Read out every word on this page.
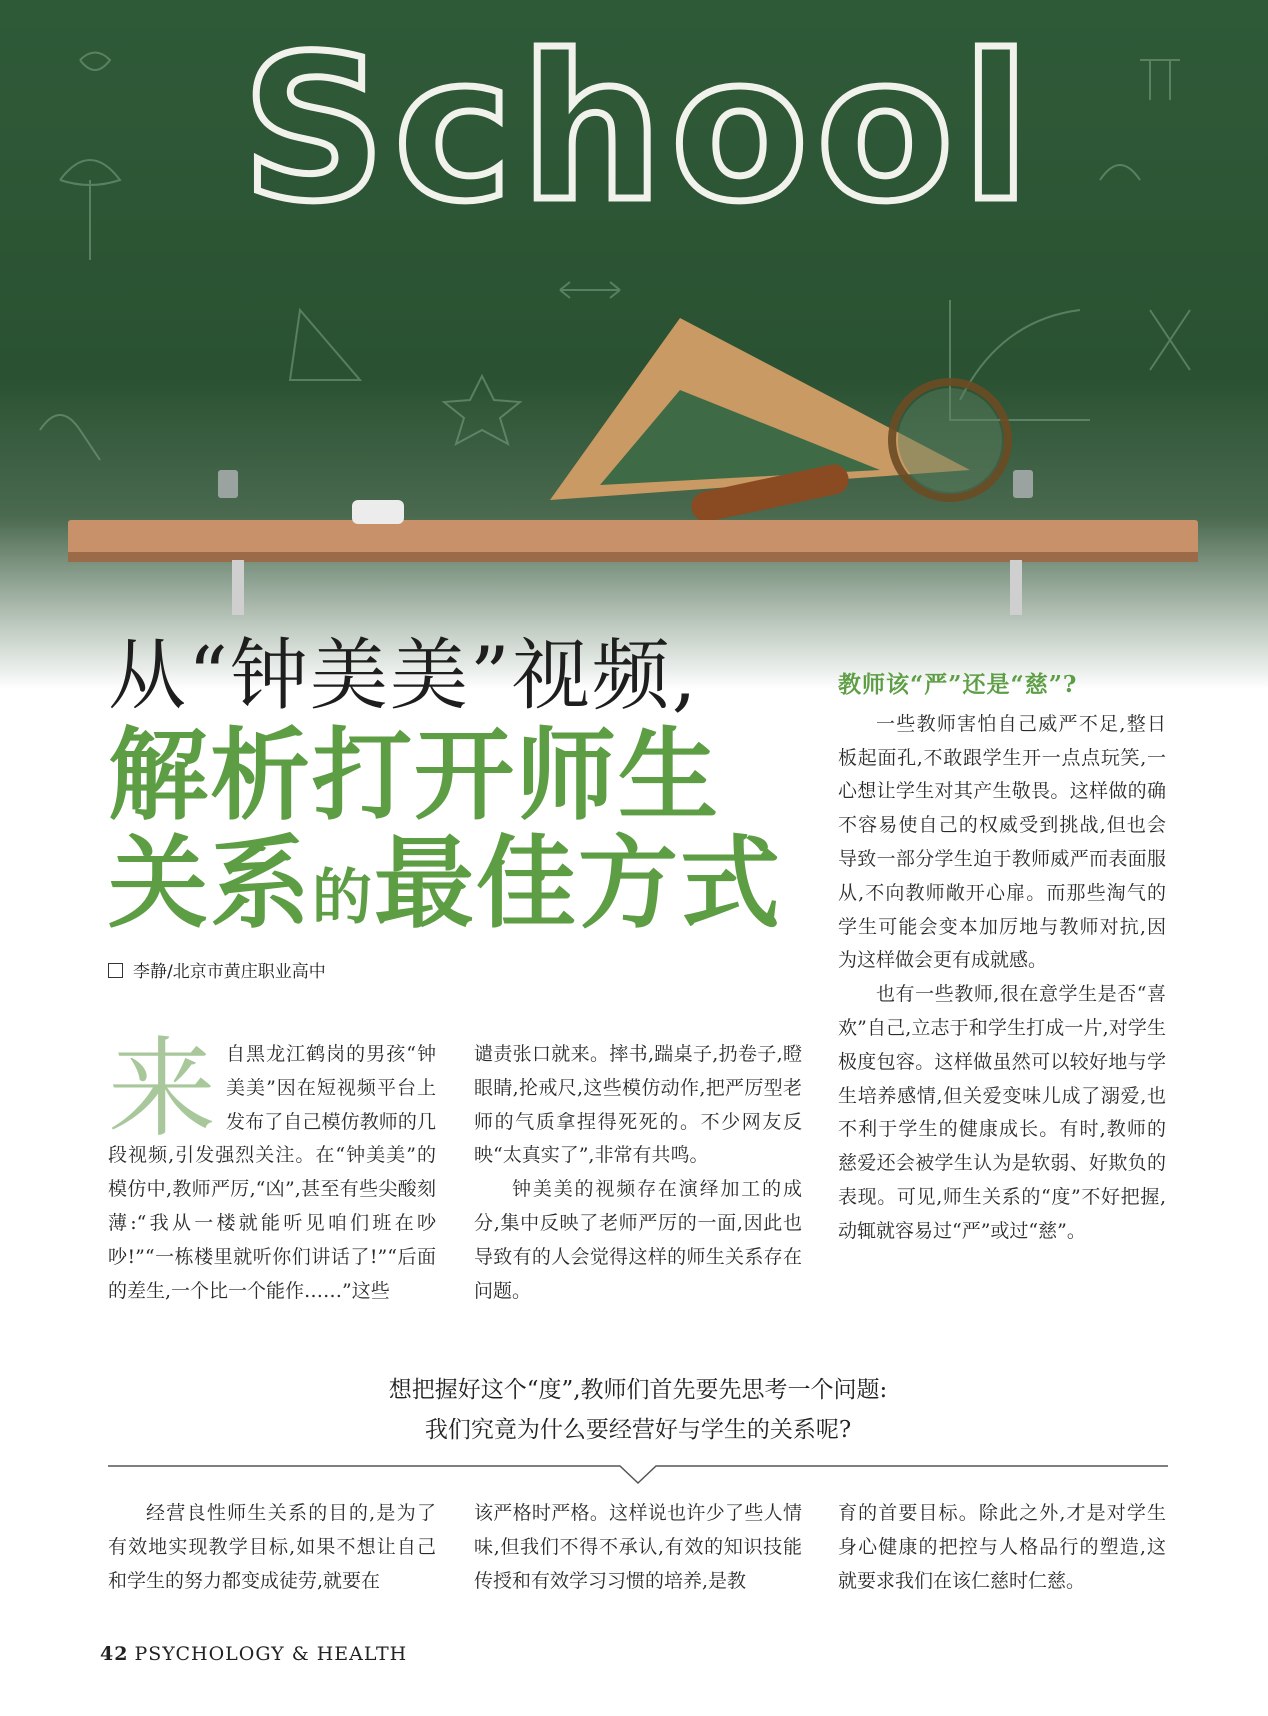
School
从“钟美美”视频,
解析打开师生
关系的最佳方式
李静/北京市黄庄职业高中
来 自黑龙江鹤岗的男孩“钟美美”因在短视频平台上发布了自己模仿教师的几段视频,引发强烈关注。在“钟美美”的模仿中,教师严厉,“凶”,甚至有些尖酸刻薄:“我从一楼就能听见咱们班在吵吵!”“一栋楼里就听你们讲话了!”“后面的差生,一个比一个能作……”这些

谴责张口就来。摔书,踹桌子,扔卷子,瞪眼睛,抡戒尺,这些模仿动作,把严厉型老师的气质拿捏得死死的。不少网友反映“太真实了”,非常有共鸣。

钟美美的视频存在演绎加工的成分,集中反映了老师严厉的一面,因此也导致有的人会觉得这样的师生关系存在问题。

教师该“严”还是“慈”?

一些教师害怕自己威严不足,整日板起面孔,不敢跟学生开一点点玩笑,一心想让学生对其产生敬畏。这样做的确不容易使自己的权威受到挑战,但也会导致一部分学生迫于教师威严而表面服从,不向教师敞开心扉。而那些淘气的学生可能会变本加厉地与教师对抗,因为这样做会更有成就感。

也有一些教师,很在意学生是否“喜欢”自己,立志于和学生打成一片,对学生极度包容。这样做虽然可以较好地与学生培养感情,但关爱变味儿成了溺爱,也不利于学生的健康成长。有时,教师的慈爱还会被学生认为是软弱、好欺负的表现。可见,师生关系的“度”不好把握,动辄就容易过“严”或过“慈”。

想把握好这个“度”,教师们首先要先思考一个问题:
我们究竟为什么要经营好与学生的关系呢?

经营良性师生关系的目的,是为了有效地实现教学目标,如果不想让自己和学生的努力都变成徒劳,就要在

该严格时严格。这样说也许少了些人情味,但我们不得不承认,有效的知识技能传授和有效学习习惯的培养,是教

育的首要目标。除此之外,才是对学生身心健康的把控与人格品行的塑造,这就要求我们在该仁慈时仁慈。

42 PSYCHOLOGY & HEALTH
